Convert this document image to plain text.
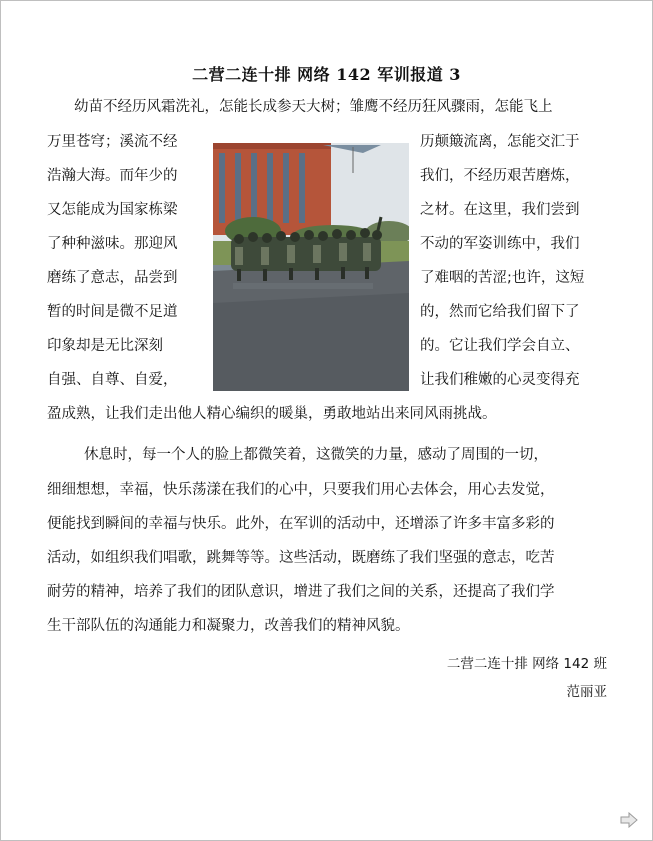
二营二连十排 网络 142 军训报道 3
幼苗不经历风霜洗礼，怎能长成参天大树；雏鹰不经历狂风骤雨，怎能飞上
万里苍穹；溪流不经
浩瀚大海。而年少的
又怎能成为国家栋梁
了种种滋味。那迎风
磨练了意志，品尝到
暂的时间是微不足道
印象却是无比深刻
自强、自尊、自爱，
历颠簸流离，怎能交汇于
我们，不经历艰苦磨炼，
之材。在这里，我们尝到
不动的军姿训练中，我们
了难咽的苦涩;也许，这短
的，然而它给我们留下了
的。它让我们学会自立、
让我们稚嫩的心灵变得充
盈成熟，让我们走出他人精心编织的暖巢，勇敢地站出来同风雨挑战。
休息时，每一个人的脸上都微笑着，这微笑的力量，感动了周围的一切，
细细想想，幸福，快乐荡漾在我们的心中，只要我们用心去体会，用心去发觉，
便能找到瞬间的幸福与快乐。此外，在军训的活动中，还增添了许多丰富多彩的
活动，如组织我们唱歌，跳舞等等。这些活动，既磨练了我们坚强的意志，吃苦
耐劳的精神，培养了我们的团队意识，增进了我们之间的关系，还提高了我们学
生干部队伍的沟通能力和凝聚力，改善我们的精神风貌。
二营二连十排 网络 142 班
范丽亚
